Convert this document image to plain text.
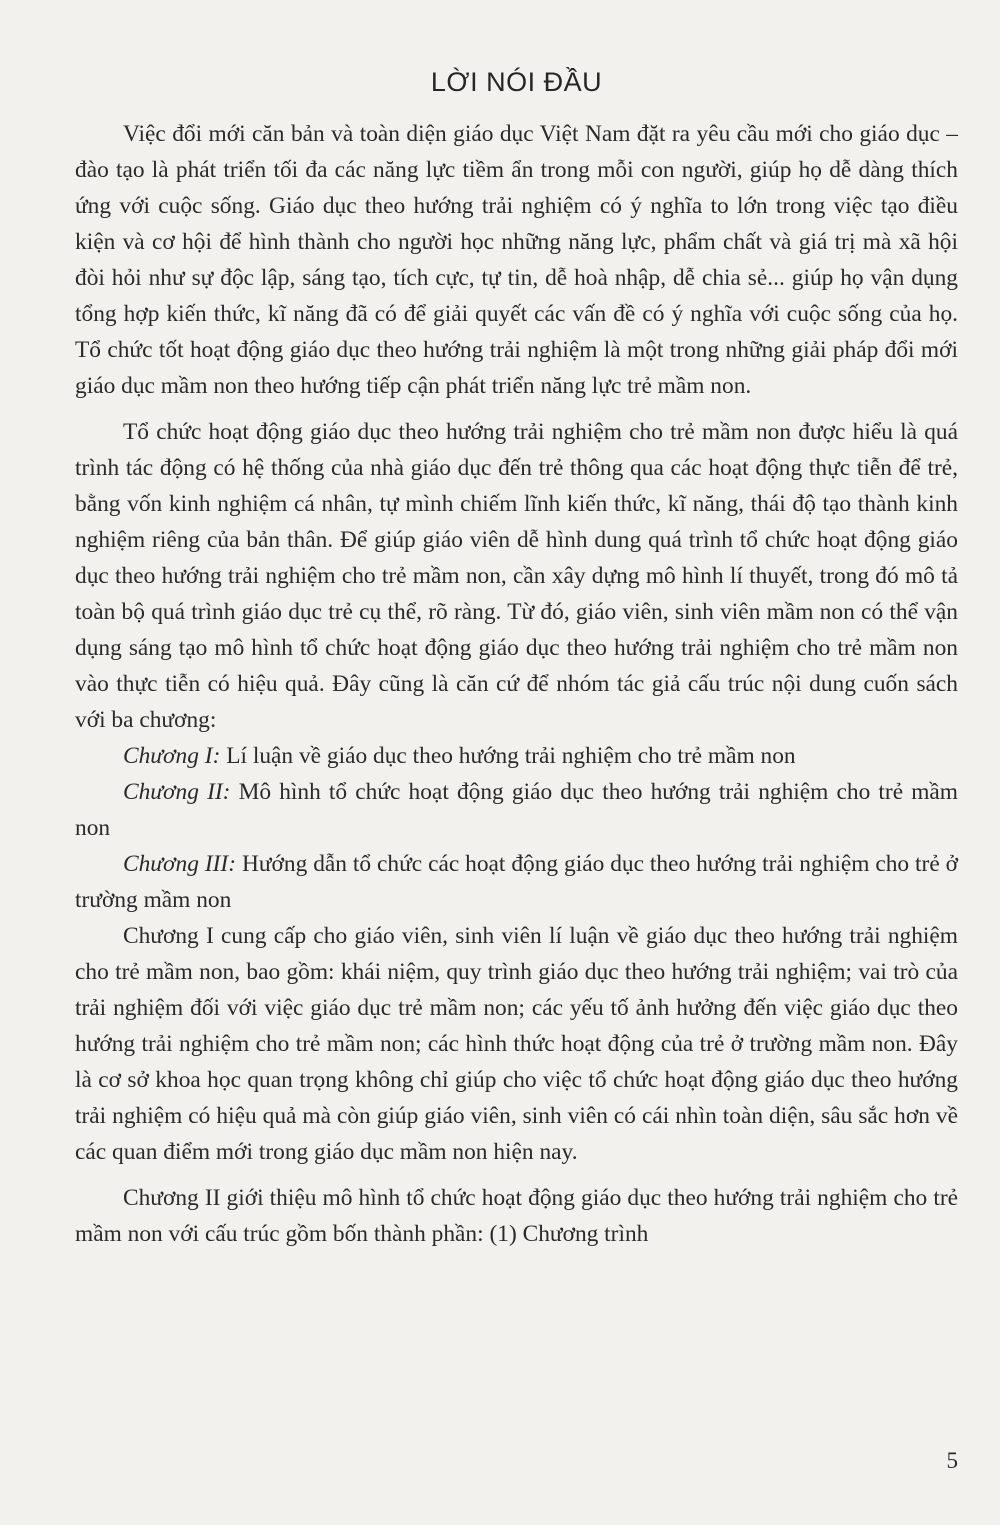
LỜI NÓI ĐẦU

Việc đổi mới căn bản và toàn diện giáo dục Việt Nam đặt ra yêu cầu mới cho giáo dục – đào tạo là phát triển tối đa các năng lực tiềm ẩn trong mỗi con người, giúp họ dễ dàng thích ứng với cuộc sống. Giáo dục theo hướng trải nghiệm có ý nghĩa to lớn trong việc tạo điều kiện và cơ hội để hình thành cho người học những năng lực, phẩm chất và giá trị mà xã hội đòi hỏi như sự độc lập, sáng tạo, tích cực, tự tin, dễ hoà nhập, dễ chia sẻ... giúp họ vận dụng tổng hợp kiến thức, kĩ năng đã có để giải quyết các vấn đề có ý nghĩa với cuộc sống của họ. Tổ chức tốt hoạt động giáo dục theo hướng trải nghiệm là một trong những giải pháp đổi mới giáo dục mầm non theo hướng tiếp cận phát triển năng lực trẻ mầm non.

Tổ chức hoạt động giáo dục theo hướng trải nghiệm cho trẻ mầm non được hiểu là quá trình tác động có hệ thống của nhà giáo dục đến trẻ thông qua các hoạt động thực tiễn để trẻ, bằng vốn kinh nghiệm cá nhân, tự mình chiếm lĩnh kiến thức, kĩ năng, thái độ tạo thành kinh nghiệm riêng của bản thân. Để giúp giáo viên dễ hình dung quá trình tổ chức hoạt động giáo dục theo hướng trải nghiệm cho trẻ mầm non, cần xây dựng mô hình lí thuyết, trong đó mô tả toàn bộ quá trình giáo dục trẻ cụ thể, rõ ràng. Từ đó, giáo viên, sinh viên mầm non có thể vận dụng sáng tạo mô hình tổ chức hoạt động giáo dục theo hướng trải nghiệm cho trẻ mầm non vào thực tiễn có hiệu quả. Đây cũng là căn cứ để nhóm tác giả cấu trúc nội dung cuốn sách với ba chương:

Chương I: Lí luận về giáo dục theo hướng trải nghiệm cho trẻ mầm non

Chương II: Mô hình tổ chức hoạt động giáo dục theo hướng trải nghiệm cho trẻ mầm non

Chương III: Hướng dẫn tổ chức các hoạt động giáo dục theo hướng trải nghiệm cho trẻ ở trường mầm non

Chương I cung cấp cho giáo viên, sinh viên lí luận về giáo dục theo hướng trải nghiệm cho trẻ mầm non, bao gồm: khái niệm, quy trình giáo dục theo hướng trải nghiệm; vai trò của trải nghiệm đối với việc giáo dục trẻ mầm non; các yếu tố ảnh hưởng đến việc giáo dục theo hướng trải nghiệm cho trẻ mầm non; các hình thức hoạt động của trẻ ở trường mầm non. Đây là cơ sở khoa học quan trọng không chỉ giúp cho việc tổ chức hoạt động giáo dục theo hướng trải nghiệm có hiệu quả mà còn giúp giáo viên, sinh viên có cái nhìn toàn diện, sâu sắc hơn về các quan điểm mới trong giáo dục mầm non hiện nay.

Chương II giới thiệu mô hình tổ chức hoạt động giáo dục theo hướng trải nghiệm cho trẻ mầm non với cấu trúc gồm bốn thành phần: (1) Chương trình

5
